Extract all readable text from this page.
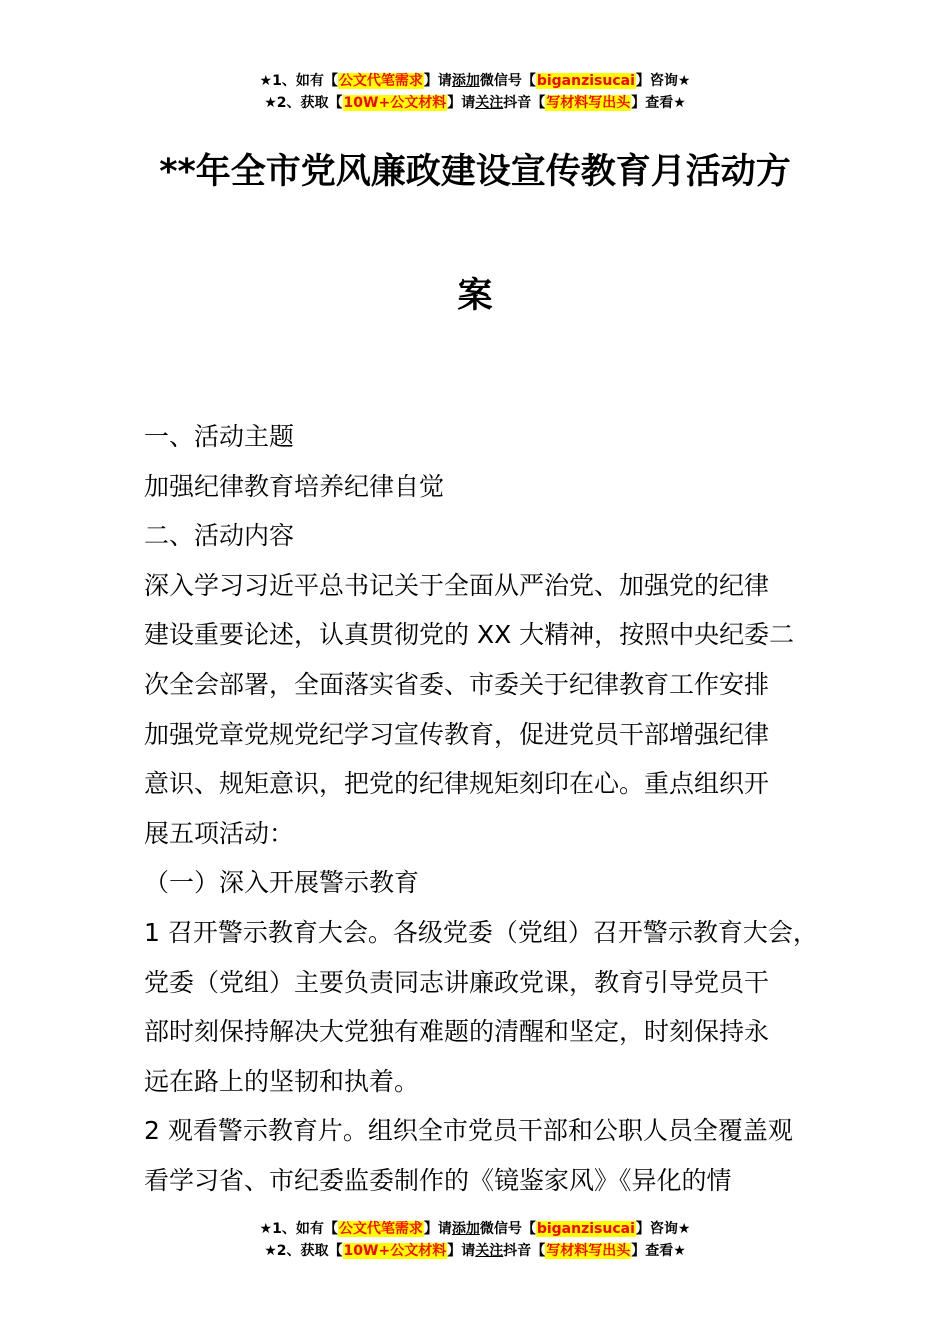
★1、如有【公文代笔需求】请添加微信号【biganzisucai】咨询★
★2、获取【10W+公文材料】请关注抖音【写材料写出头】查看★
**年全市党风廉政建设宣传教育月活动方
案

一、活动主题

加强纪律教育培养纪律自觉

二、活动内容

深入学习习近平总书记关于全面从严治党、加强党的纪律

建设重要论述，认真贯彻党的 XX 大精神，按照中央纪委二

次全会部署，全面落实省委、市委关于纪律教育工作安排

加强党章党规党纪学习宣传教育，促进党员干部增强纪律

意识、规矩意识，把党的纪律规矩刻印在心。重点组织开

展五项活动：

（一）深入开展警示教育

1 召开警示教育大会。各级党委（党组）召开警示教育大会，

党委（党组）主要负责同志讲廉政党课，教育引导党员干

部时刻保持解决大党独有难题的清醒和坚定，时刻保持永

远在路上的坚韧和执着。

2 观看警示教育片。组织全市党员干部和公职人员全覆盖观

看学习省、市纪委监委制作的《镜鉴家风》《异化的情

★1、如有【公文代笔需求】请添加微信号【biganzisucai】咨询★
★2、获取【10W+公文材料】请关注抖音【写材料写出头】查看★
